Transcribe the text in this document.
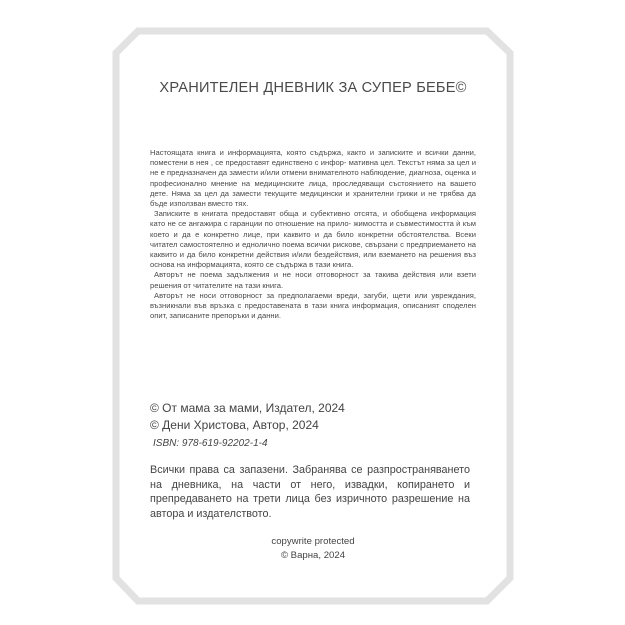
ХРАНИТЕЛЕН ДНЕВНИК ЗА СУПЕР БЕБЕ©

Настоящата книга и информацията, която съдържа, както и записките и всички данни, поместени в нея , се предоставят единствено с инфор- мативна цел. Текстът няма за цел и не е предназначен да замести и/или отмени внимателното наблюдение, диагноза, оценка и професионално мнение на медицинските лица, проследяващи състоянието на вашето дете. Няма за цел да замести текущите медицински и хранителни грижи и не трябва да бъде използван вместо тях.

Записките в книгата предоставят обща и субективно отсята, и обобщена информация като не се ангажира с гаранции по отношение на прило- жимостта и съвместимостта ѝ към което и да е конкретно лице, при каквито и да било конкретни обстоятелства. Всеки читател самостоятелно и едноличнo поема всички рискове, свързани с предприемането на каквито и да било конкретни действия и/или бездействия, или вземането на решения въз основа на информацията, която се съдържа в тази книга.

Авторът не поема задължения и не носи отговорност за такива действия или взети решения от читателите на тази книга.

Авторът не носи отговорност за предполагаеми вреди, загуби, щети или увреждания, възникнали във връзка с предоставената в тази книга информация, описаният споделен опит, записаните препоръки и данни.

© От мама за мами, Издател, 2024
© Дени Христова, Автор, 2024
ISBN: 978-619-92202-1-4
Всички права са запазени. Забранява се разпространяването на дневника, на части от него, извадки, копирането и препредаването на трети лица без изричното разрешение на автора и издателството.
copywrite protected
© Варна, 2024
